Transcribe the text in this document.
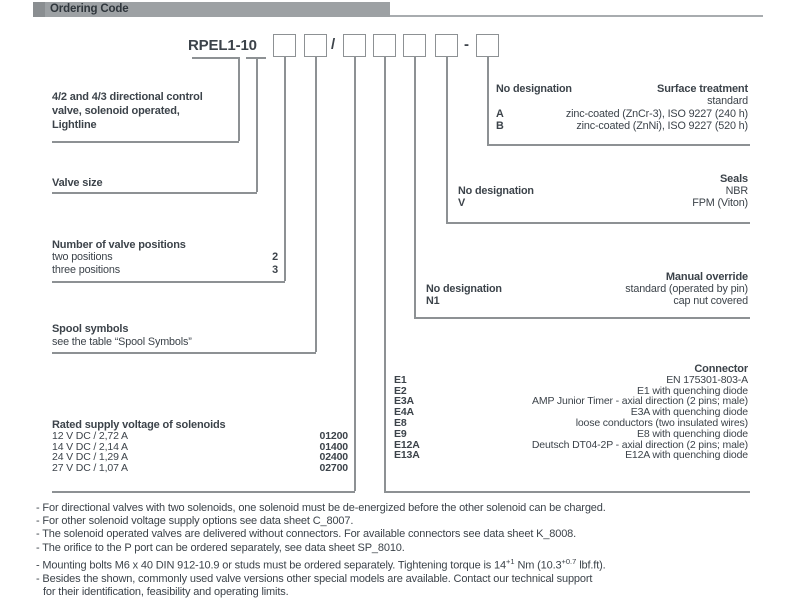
Ordering Code
RPEL1-10	/	-
4/2 and 4/3 directional control
valve, solenoid operated,
Lightline
Valve size
Number of valve positions
two positions	2
three positions	3
Spool symbols
see the table “Spool Symbols”
Rated supply voltage of solenoids
12 V DC / 2,72 A	01200
14 V DC / 2,14 A	01400
24 V DC / 1,29 A	02400
27 V DC / 1,07 A	02700
No designation	Surface treatment
standard
A	zinc-coated (ZnCr-3), ISO 9227 (240 h)
B	zinc-coated (ZnNi), ISO 9227 (520 h)
Seals
No designation	NBR
V	FPM (Viton)
Manual override
No designation	standard (operated by pin)
N1	cap nut covered
Connector
E1	EN 175301-803-A
E2	E1 with quenching diode
E3A	AMP Junior Timer - axial direction (2 pins; male)
E4A	E3A with quenching diode
E8	loose conductors (two insulated wires)
E9	E8 with quenching diode
E12A	Deutsch DT04-2P - axial direction (2 pins; male)
E13A	E12A with quenching diode
- For directional valves with two solenoids, one solenoid must be de-energized before the other solenoid can be charged.
- For other solenoid voltage supply options see data sheet C_8007.
- The solenoid operated valves are delivered without connectors. For available connectors see data sheet K_8008.
- The orifice to the P port can be ordered separately, see data sheet SP_8010.
- Mounting bolts M6 x 40 DIN 912-10.9 or studs must be ordered separately. Tightening torque is $14^{+1}$ Nm ($10.3^{+0.7}$ lbf.ft).
- Besides the shown, commonly used valve versions other special models are available. Contact our technical support
for their identification, feasibility and operating limits.
